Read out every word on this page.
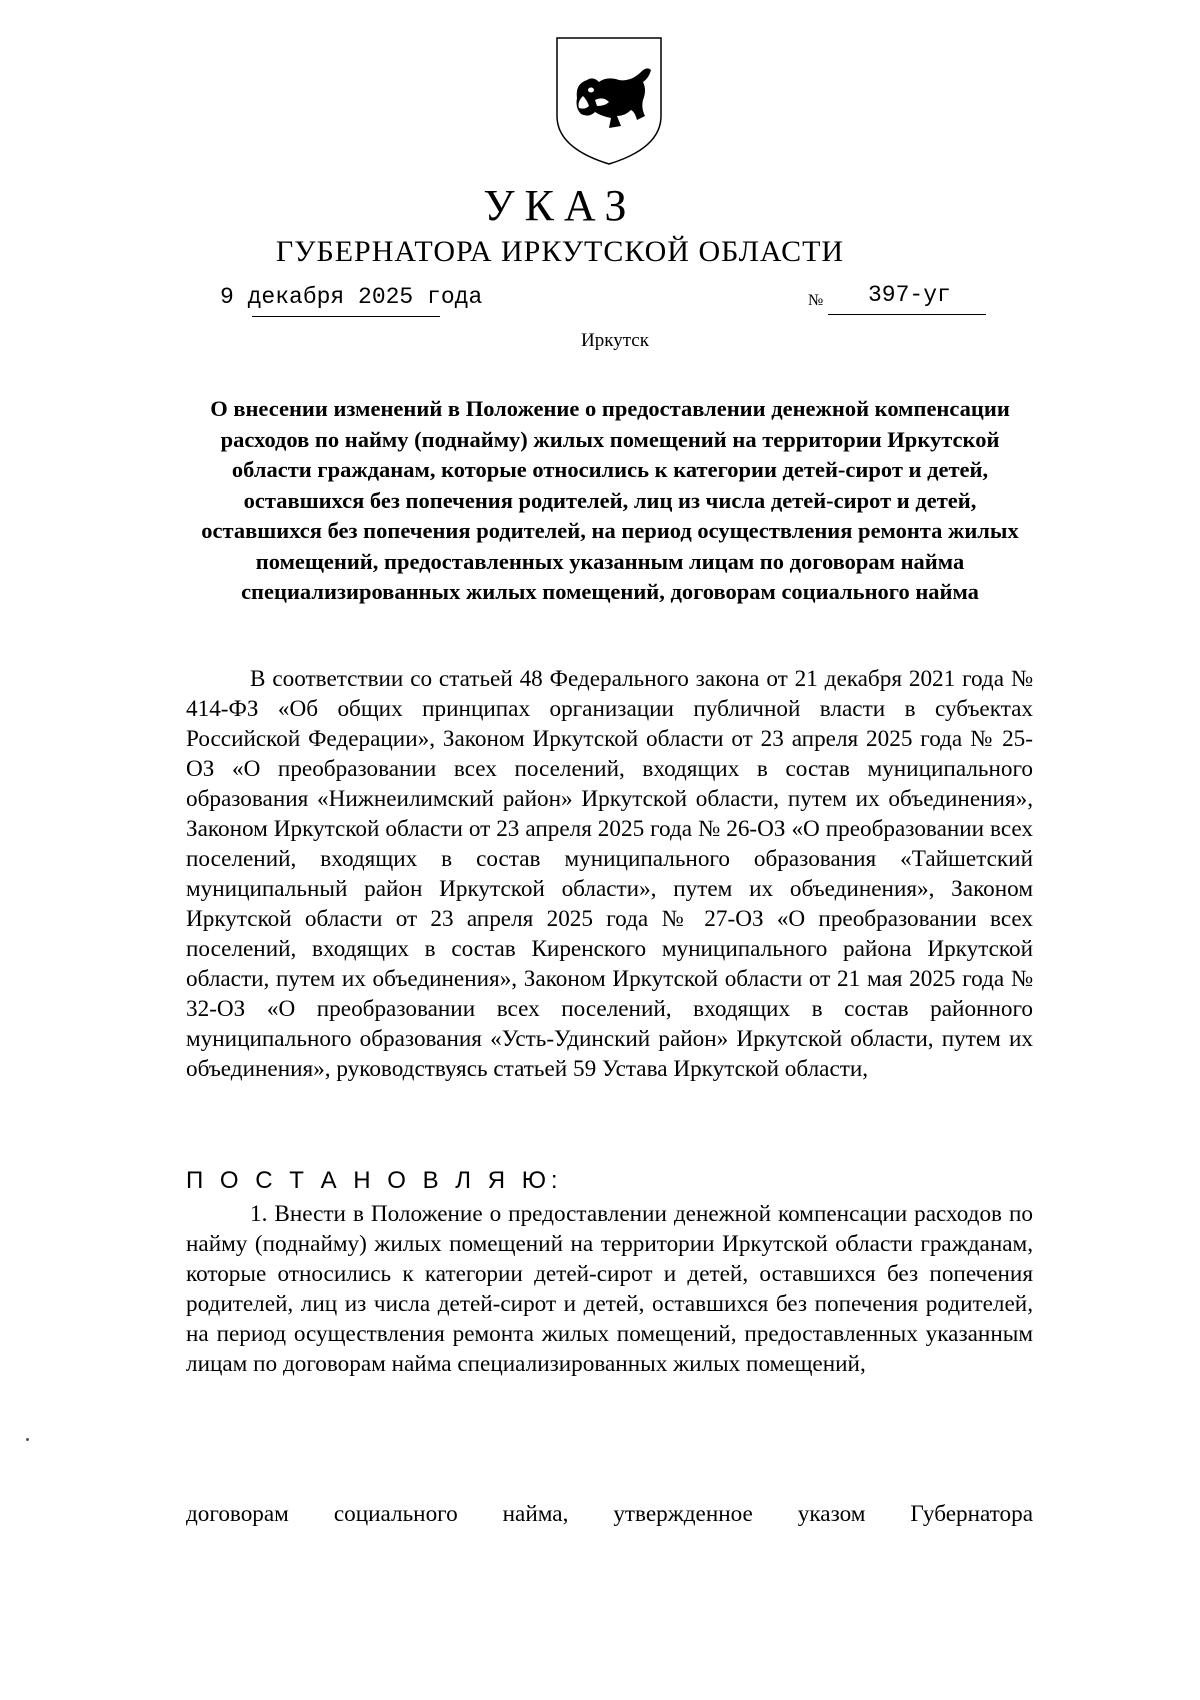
УКАЗ
ГУБЕРНАТОРА ИРКУТСКОЙ ОБЛАСТИ
9 декабря 2025 года	№ 397-уг
Иркутск
О внесении изменений в Положение о предоставлении денежной компенсации расходов по найму (поднайму) жилых помещений на территории Иркутской области гражданам, которые относились к категории детей-сирот и детей, оставшихся без попечения родителей, лиц из числа детей-сирот и детей, оставшихся без попечения родителей, на период осуществления ремонта жилых помещений, предоставленных указанным лицам по договорам найма специализированных жилых помещений, договорам социального найма
В соответствии со статьей 48 Федерального закона от 21 декабря 2021 года № 414-ФЗ «Об общих принципах организации публичной власти в субъектах Российской Федерации», Законом Иркутской области от 23 апреля 2025 года № 25-ОЗ «О преобразовании всех поселений, входящих в состав муниципального образования «Нижнеилимский район» Иркутской области, путем их объединения», Законом Иркутской области от 23 апреля 2025 года № 26-ОЗ «О преобразовании всех поселений, входящих в состав муниципального образования «Тайшетский муниципальный район Иркутской области», путем их объединения», Законом Иркутской области от 23 апреля 2025 года № 27-ОЗ «О преобразовании всех поселений, входящих в состав Киренского муниципального района Иркутской области, путем их объединения», Законом Иркутской области от 21 мая 2025 года № 32-ОЗ «О преобразовании всех поселений, входящих в состав районного муниципального образования «Усть-Удинский район» Иркутской области, путем их объединения», руководствуясь статьей 59 Устава Иркутской области,
П О С Т А Н О В Л Я Ю:
1. Внести в Положение о предоставлении денежной компенсации расходов по найму (поднайму) жилых помещений на территории Иркутской области гражданам, которые относились к категории детей-сирот и детей, оставшихся без попечения родителей, лиц из числа детей-сирот и детей, оставшихся без попечения родителей, на период осуществления ремонта жилых помещений, предоставленных указанным лицам по договорам найма специализированных жилых помещений,
договорам социального найма, утвержденное указом Губернатора
